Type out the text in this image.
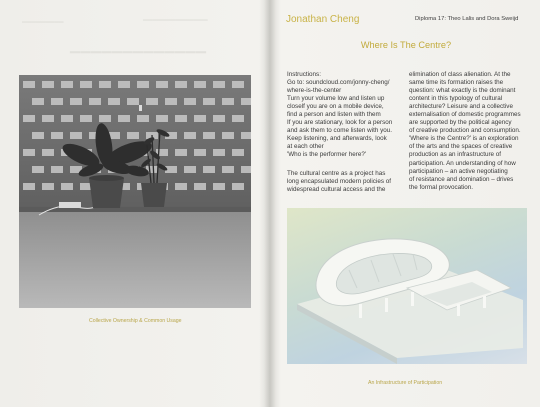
▁▁▁▁▁▁▁▁▁	▁▁▁▁▁▁▁▁▁▁▁▁▁▁
▁▁▁▁▁▁▁▁▁▁▁▁▁
Collective Ownership & Common Usage
Jonathan Cheng	Diploma 17: Theo Lalis and Dora Sweijd
Where Is The Centre?
Instructions:
Go to: soundcloud.com/jonny-cheng/
where-is-the-center
Turn your volume low and listen up
cloself you are on a mobile device,
find a person and listen with them
If you are stationary, look for a person
and ask them to come listen with you.
Keep listening, and afterwards, look
at each other
'Who is the performer here?'
The cultural centre as a project has
long encapsulated modern policies of
widespread cultural access and the
elimination of class alienation. At the
same time its formation raises the
question: what exactly is the dominant
content in this typology of cultural
architecture? Leisure and a collective
externalisation of domestic programmes
are supported by the political agency
of creative production and consumption.
'Where is the Centre?' is an exploration
of the arts and the spaces of creative
production as an infrastructure of
participation. An understanding of how
participation – an active negotiating
of resistance and domination – drives
the formal provocation.
An Infrastructure of Participation
